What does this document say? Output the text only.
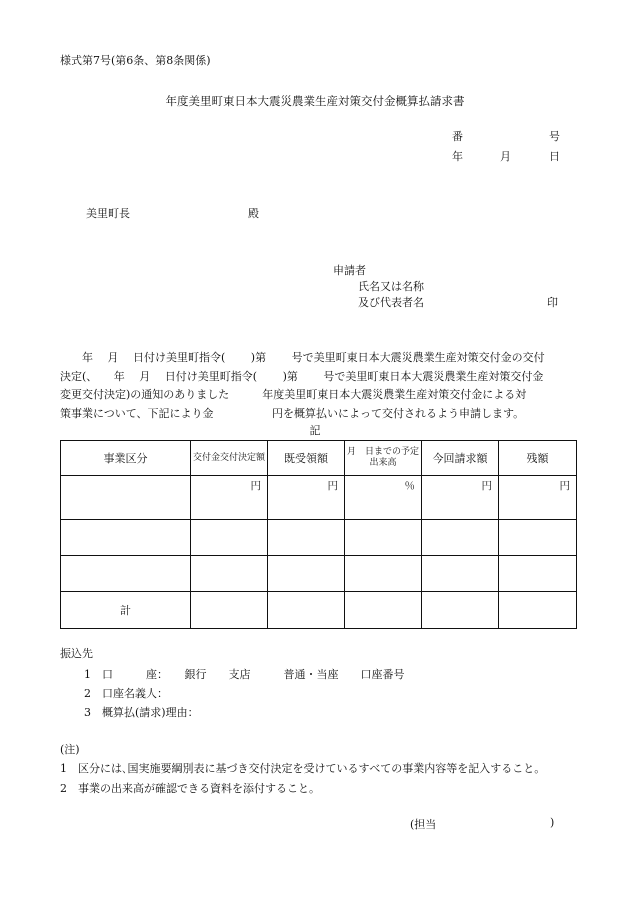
様式第7号(第6条、第8条関係)
年度美里町東日本大震災農業生産対策交付金概算払請求書
番	号
年	月	日
美里町長	殿
申請者
氏名又は名称
及び代表者名	印

　　年　 月　 日付け美里町指令(　　 )第　　 号で美里町東日本大震災農業生産対策交付金の交付

決定(、　　年　 月　 日付け美里町指令(　　 )第　　 号で美里町東日本大震災農業生産対策交付金

変更交付決定)の通知のありました　　　年度美里町東日本大震災農業生産対策交付金による対

策事業について、下記により金　　　　　 円を概算払いによって交付されるよう申請します。

記
事業区分	交付金交付決定額	既受領額	月　日までの予定出来高	今回請求額	残額
	円	円	％	円	円

計					
振込先
1　口　　　座：　　銀行　　支店　　　普通・当座　　口座番号
2　口座名義人：
3　概算払(請求)理由：
(注)
1　区分には､国実施要綱別表に基づき交付決定を受けているすべての事業内容等を記入すること。
2　事業の出来高が確認できる資料を添付すること。
(担当	)
